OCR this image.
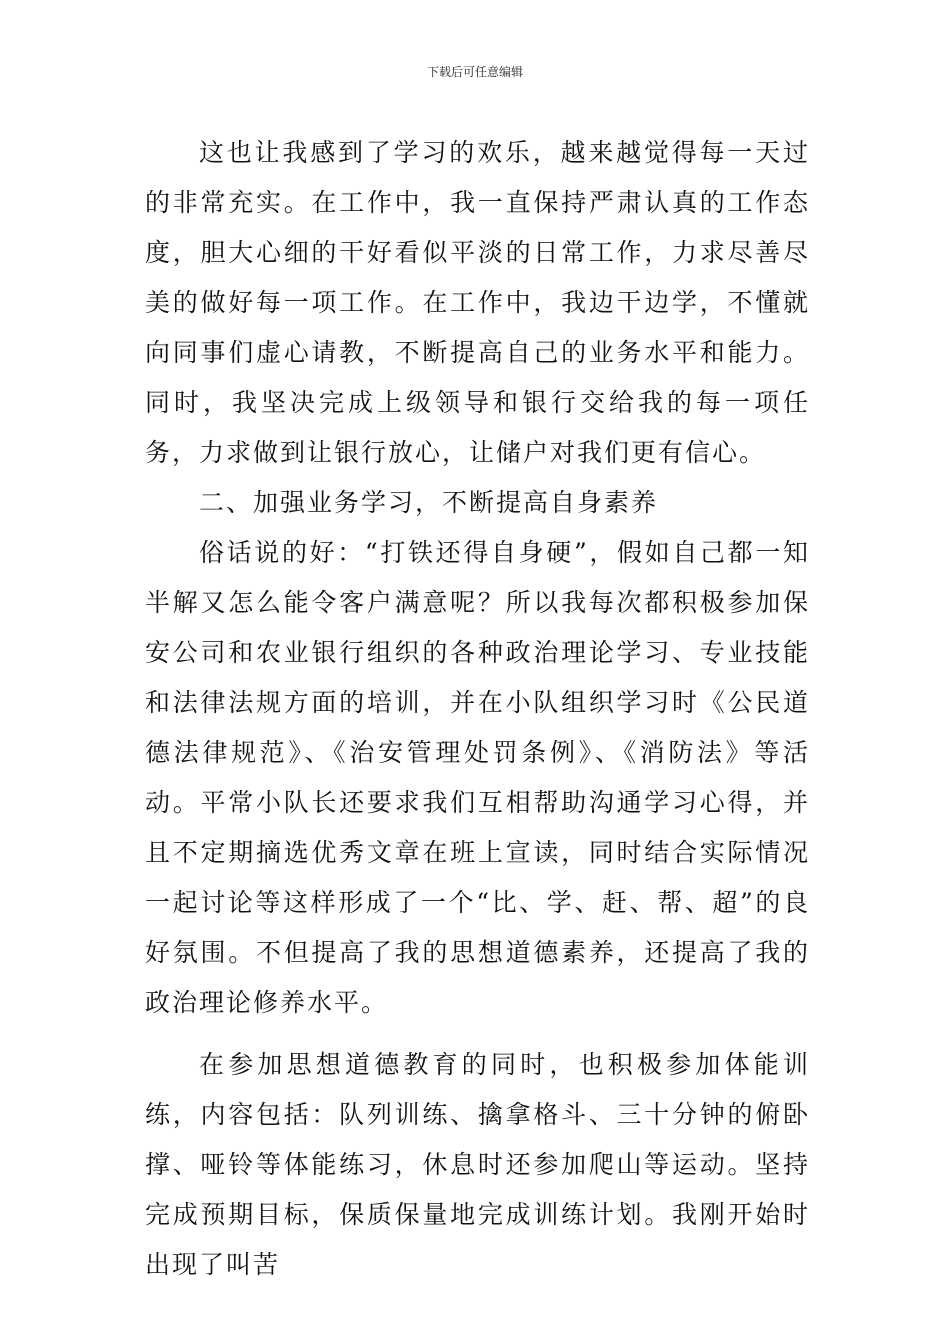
下载后可任意编辑

这也让我感到了学习的欢乐，越来越觉得每一天过的非常充实。在工作中，我一直保持严肃认真的工作态度，胆大心细的干好看似平淡的日常工作，力求尽善尽美的做好每一项工作。在工作中，我边干边学，不懂就向同事们虚心请教，不断提高自己的业务水平和能力。同时，我坚决完成上级领导和银行交给我的每一项任务，力求做到让银行放心，让储户对我们更有信心。

二、加强业务学习，不断提高自身素养

俗话说的好：“打铁还得自身硬”，假如自己都一知半解又怎么能令客户满意呢？所以我每次都积极参加保安公司和农业银行组织的各种政治理论学习、专业技能和法律法规方面的培训，并在小队组织学习时《公民道德法律规范》、《治安管理处罚条例》、《消防法》等活动。平常小队长还要求我们互相帮助沟通学习心得，并且不定期摘选优秀文章在班上宣读，同时结合实际情况一起讨论等这样形成了一个“比、学、赶、帮、超”的良好氛围。不但提高了我的思想道德素养，还提高了我的政治理论修养水平。

在参加思想道德教育的同时，也积极参加体能训练，内容包括：队列训练、擒拿格斗、三十分钟的俯卧撑、哑铃等体能练习，休息时还参加爬山等运动。坚持完成预期目标，保质保量地完成训练计划。我刚开始时出现了叫苦
